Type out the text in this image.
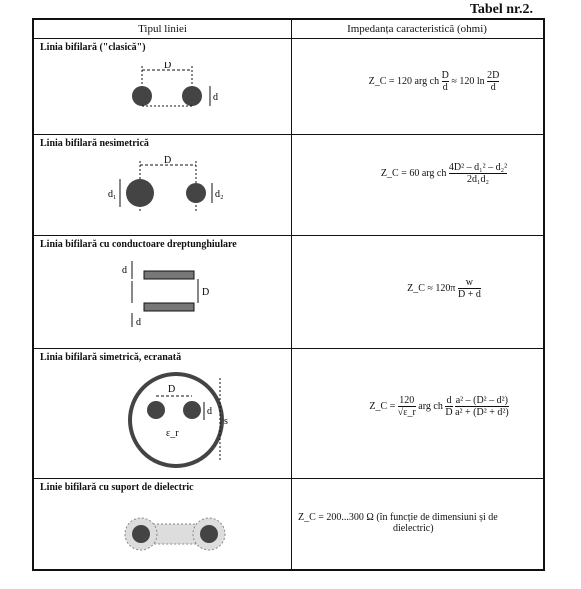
Tabel nr.2.
Tipul liniei	Impedanța caracteristică (ohmi)
Linia bifilară ("clasică")
D
d
Z_C = 120 arg ch $\frac{D}{d} \approx 120$ $\ln \frac{2D}{d}$
Linia bifilară nesimetrică
D
d₁	d₂
Z_C = 60 arg ch $\frac{\text{4D² – d₁² – d₂²}}{\text{2d₁d₂}}$
Linia bifilară cu conductoare dreptunghiulare
d
D
d
Z_C ≈ $120\pi \frac{w}{D + d}$
Linia bifilară simetrică, ecranată
D
d
s
ε_r
Z_C = $\frac{120}{√\varepsilon\_r}$ arg ch $\frac{d}{D}$
$\frac{\text{a² – (D² – d²)}}{\text{a² + (D² + d²)}}$
Linie bifilară cu suport de dielectric
Z_C = 200...300 Ω (în funcție de dimensiuni și de
dielectric)
